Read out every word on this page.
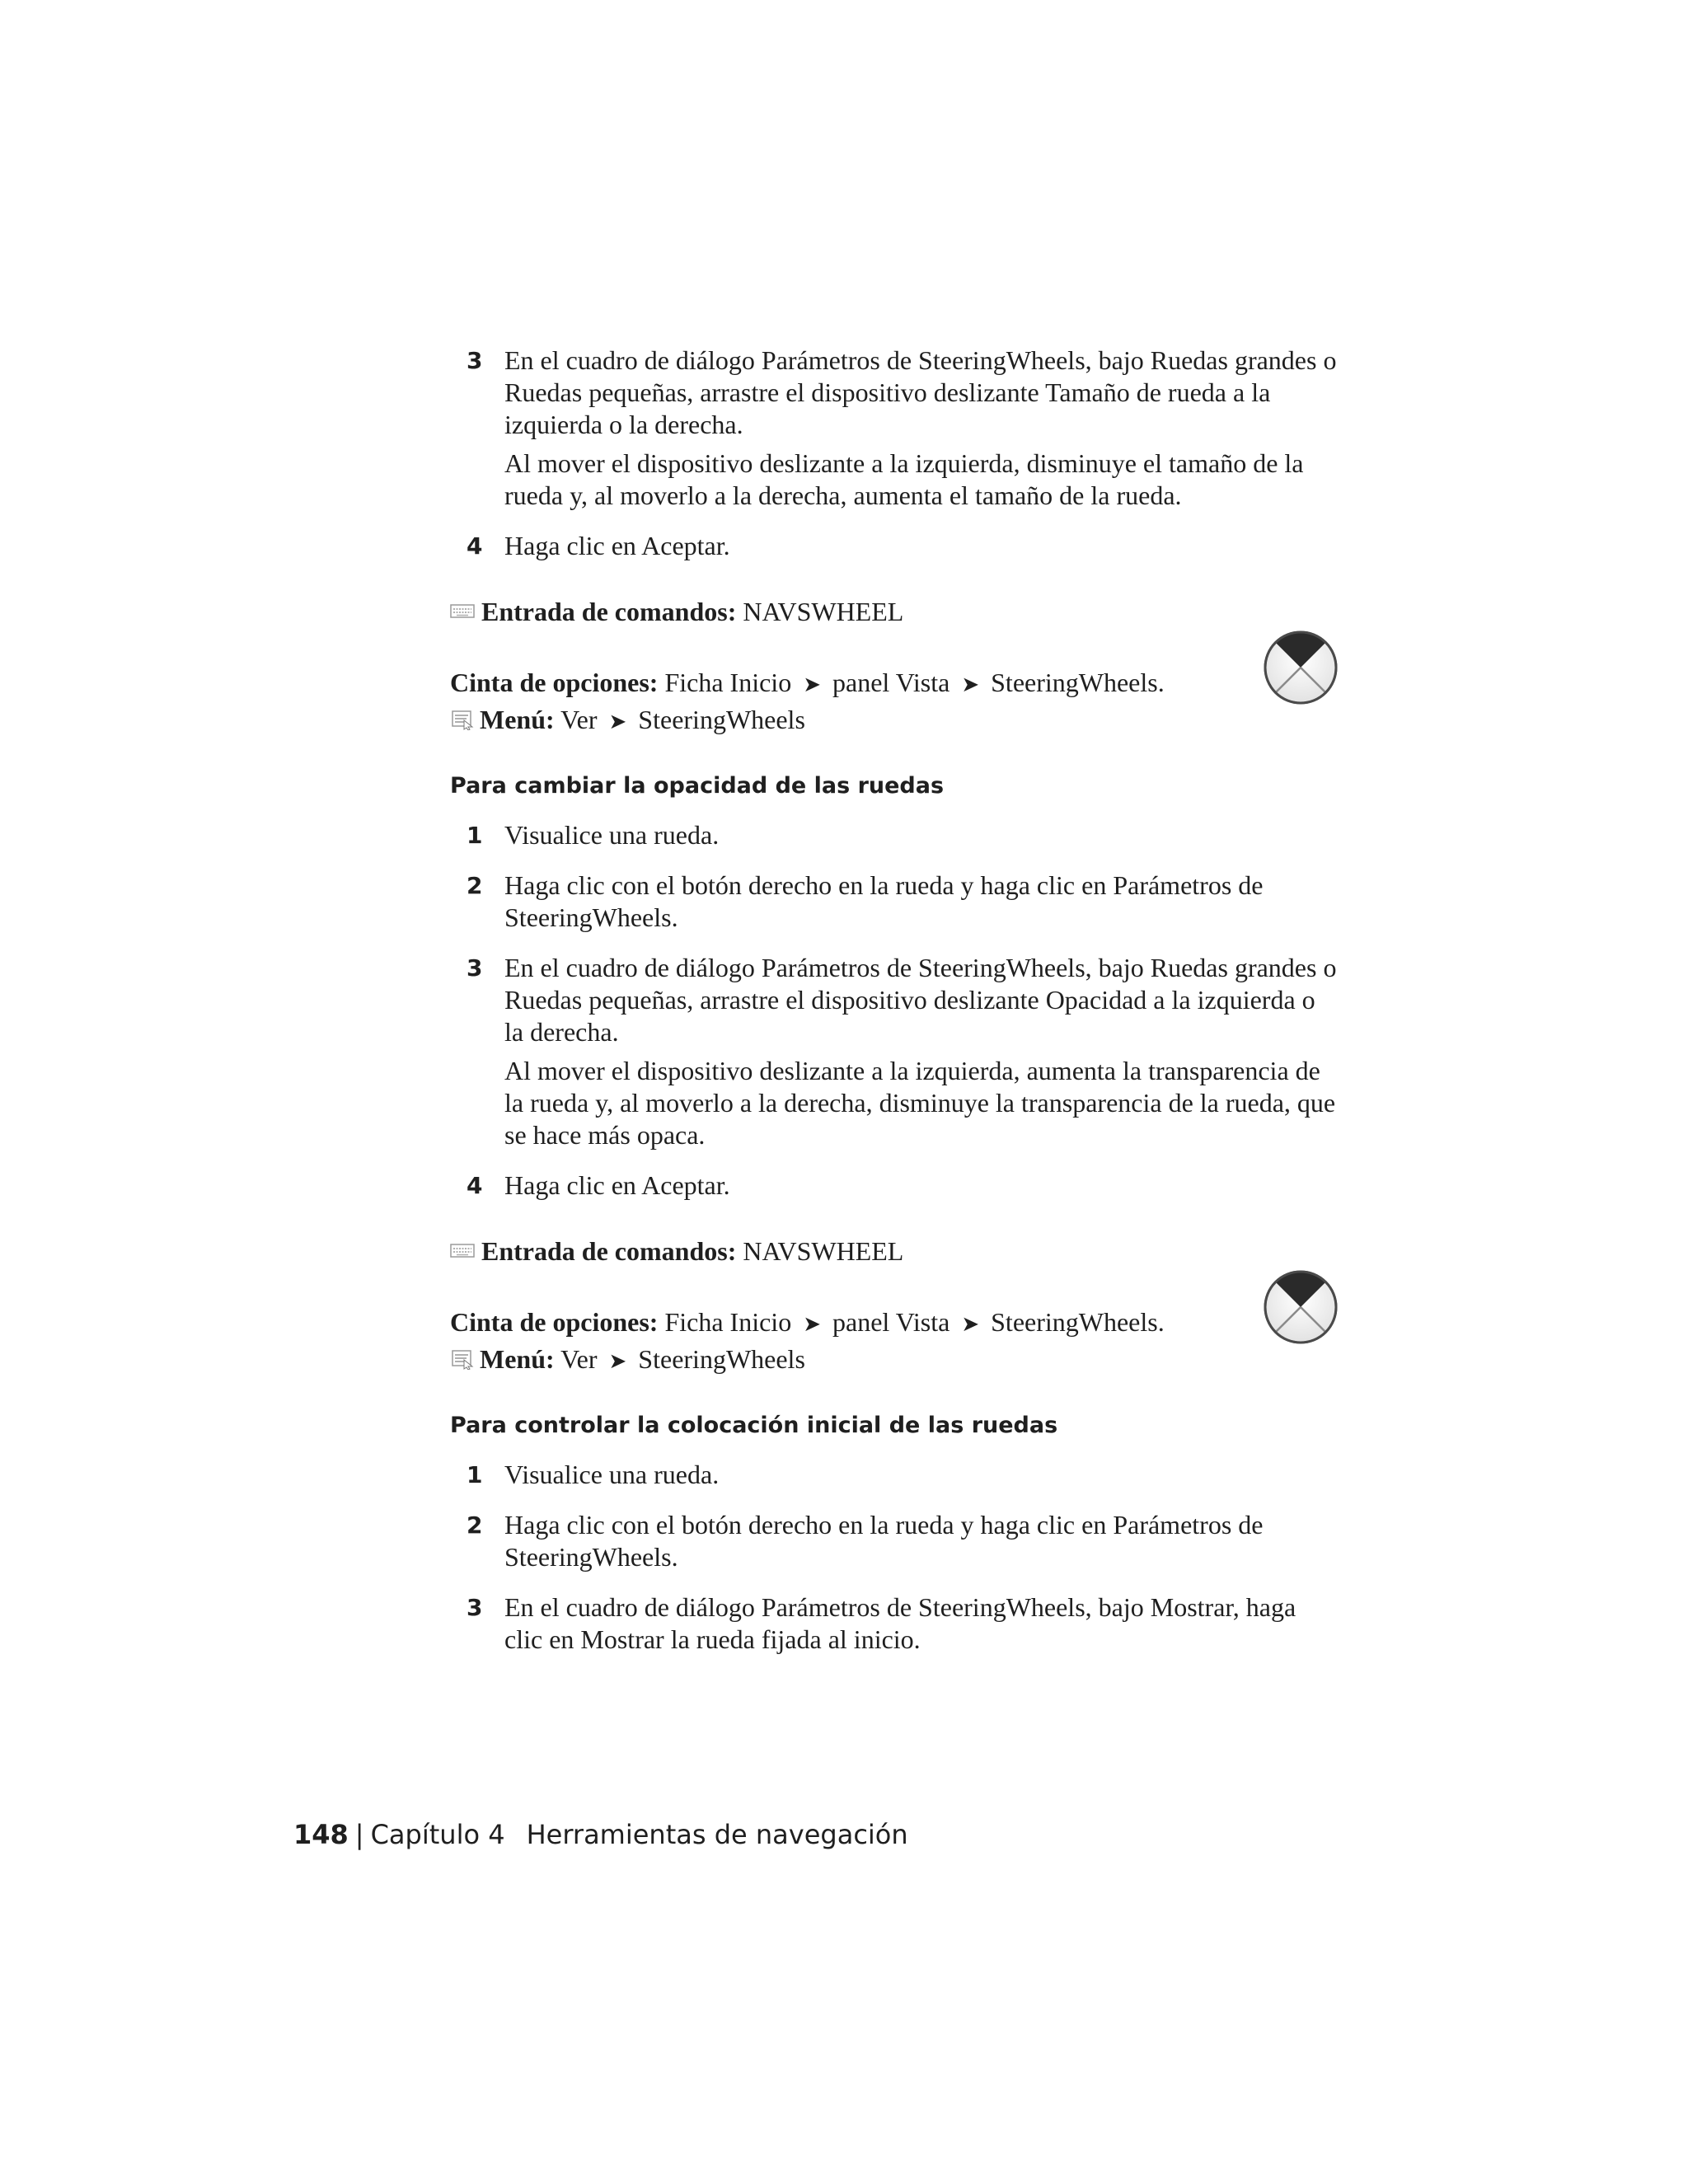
3 En el cuadro de diálogo Parámetros de SteeringWheels, bajo Ruedas grandes o Ruedas pequeñas, arrastre el dispositivo deslizante Tamaño de rueda a la izquierda o la derecha.

Al mover el dispositivo deslizante a la izquierda, disminuye el tamaño de la rueda y, al moverlo a la derecha, aumenta el tamaño de la rueda.

4 Haga clic en Aceptar.

Entrada de comandos: NAVSWHEEL
Cinta de opciones: Ficha Inicio ➤ panel Vista ➤ SteeringWheels.
Menú: Ver ➤ SteeringWheels
Para cambiar la opacidad de las ruedas
1 Visualice una rueda.

2 Haga clic con el botón derecho en la rueda y haga clic en Parámetros de SteeringWheels.

3 En el cuadro de diálogo Parámetros de SteeringWheels, bajo Ruedas grandes o Ruedas pequeñas, arrastre el dispositivo deslizante Opacidad a la izquierda o la derecha.

Al mover el dispositivo deslizante a la izquierda, aumenta la transparencia de la rueda y, al moverlo a la derecha, disminuye la transparencia de la rueda, que se hace más opaca.

4 Haga clic en Aceptar.

Entrada de comandos: NAVSWHEEL
Cinta de opciones: Ficha Inicio ➤ panel Vista ➤ SteeringWheels.
Menú: Ver ➤ SteeringWheels
Para controlar la colocación inicial de las ruedas
1 Visualice una rueda.

2 Haga clic con el botón derecho en la rueda y haga clic en Parámetros de SteeringWheels.

3 En el cuadro de diálogo Parámetros de SteeringWheels, bajo Mostrar, haga clic en Mostrar la rueda fijada al inicio.

148 | Capítulo 4 Herramientas de navegación
